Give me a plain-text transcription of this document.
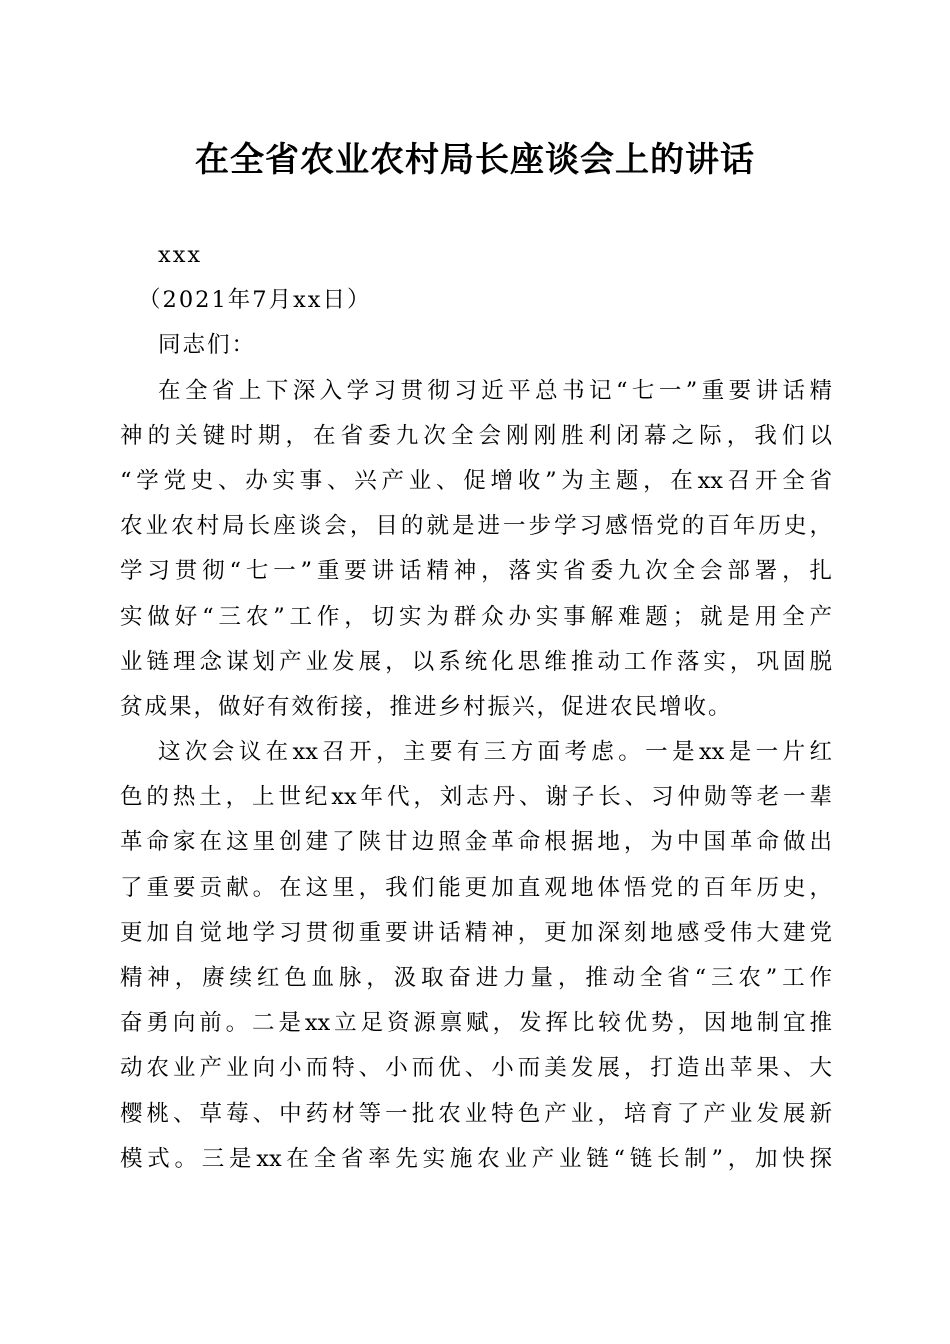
在全省农业农村局长座谈会上的讲话
xxx
（2021年7月xx日）
同志们：
在全省上下深入学习贯彻习近平总书记“七一”重要讲话精
神的关键时期，在省委九次全会刚刚胜利闭幕之际，我们以
“学党史、办实事、兴产业、促增收”为主题，在xx召开全省
农业农村局长座谈会，目的就是进一步学习感悟党的百年历史，
学习贯彻“七一”重要讲话精神，落实省委九次全会部署，扎
实做好“三农”工作，切实为群众办实事解难题；就是用全产
业链理念谋划产业发展，以系统化思维推动工作落实，巩固脱
贫成果，做好有效衔接，推进乡村振兴，促进农民增收。
这次会议在xx召开，主要有三方面考虑。一是xx是一片红
色的热土，上世纪xx年代，刘志丹、谢子长、习仲勋等老一辈
革命家在这里创建了陕甘边照金革命根据地，为中国革命做出
了重要贡献。在这里，我们能更加直观地体悟党的百年历史，
更加自觉地学习贯彻重要讲话精神，更加深刻地感受伟大建党
精神，赓续红色血脉，汲取奋进力量，推动全省“三农”工作
奋勇向前。二是xx立足资源禀赋，发挥比较优势，因地制宜推
动农业产业向小而特、小而优、小而美发展，打造出苹果、大
樱桃、草莓、中药材等一批农业特色产业，培育了产业发展新
模式。三是xx在全省率先实施农业产业链“链长制”，加快探
